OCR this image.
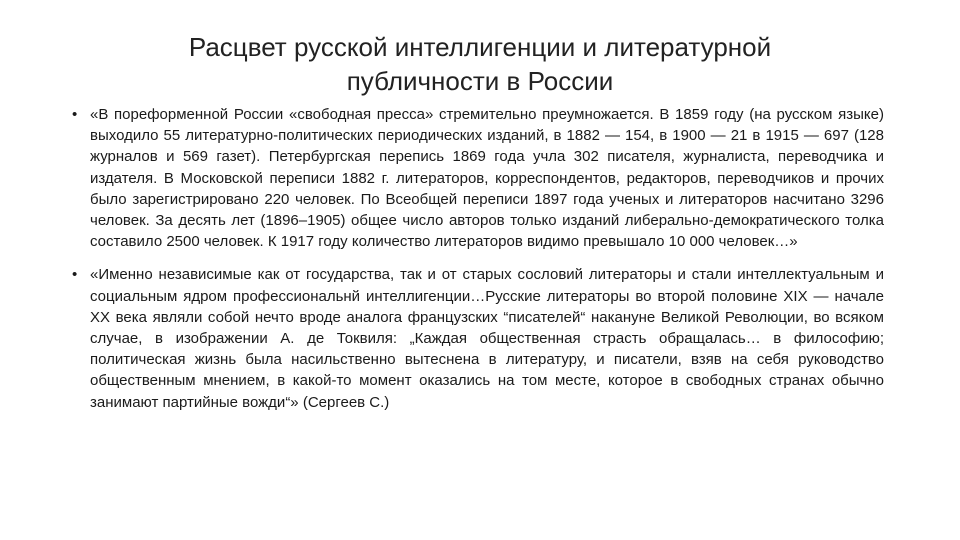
Расцвет русской интеллигенции и литературной
публичности в России
• «В пореформенной России «свободная пресса» стремительно преумножается. В 1859 году (на русском языке) выходило 55 литературно-политических периодических изданий, в 1882 — 154, в 1900 — 21 в 1915 — 697 (128 журналов и 569 газет). Петербургская перепись 1869 года учла 302 писателя, журналиста, переводчика и издателя. В Московской переписи 1882 г. литераторов, корреспондентов, редакторов, переводчиков и прочих было зарегистрировано 220 человек. По Всеобщей переписи 1897 года ученых и литераторов насчитано 3296 человек. За десять лет (1896–1905) общее число авторов только изданий либерально-демократического толка составило 2500 человек. К 1917 году количество литераторов видимо превышало 10 000 человек…»
• «Именно независимые как от государства, так и от старых сословий литераторы и стали интеллектуальным и социальным ядром профессиональнй интеллигенции…Русские литераторы во второй половине XIX — начале XX века являли собой нечто вроде аналога французских “писателей“ накануне Великой Революции, во всяком случае, в изображении А. де Токвиля: „Каждая общественная страсть обращалась… в философию; политическая жизнь была насильственно вытеснена в литературу, и писатели, взяв на себя руководство общественным мнением, в какой-то момент оказались на том месте, которое в свободных странах обычно занимают партийные вожди“» (Сергеев С.)
